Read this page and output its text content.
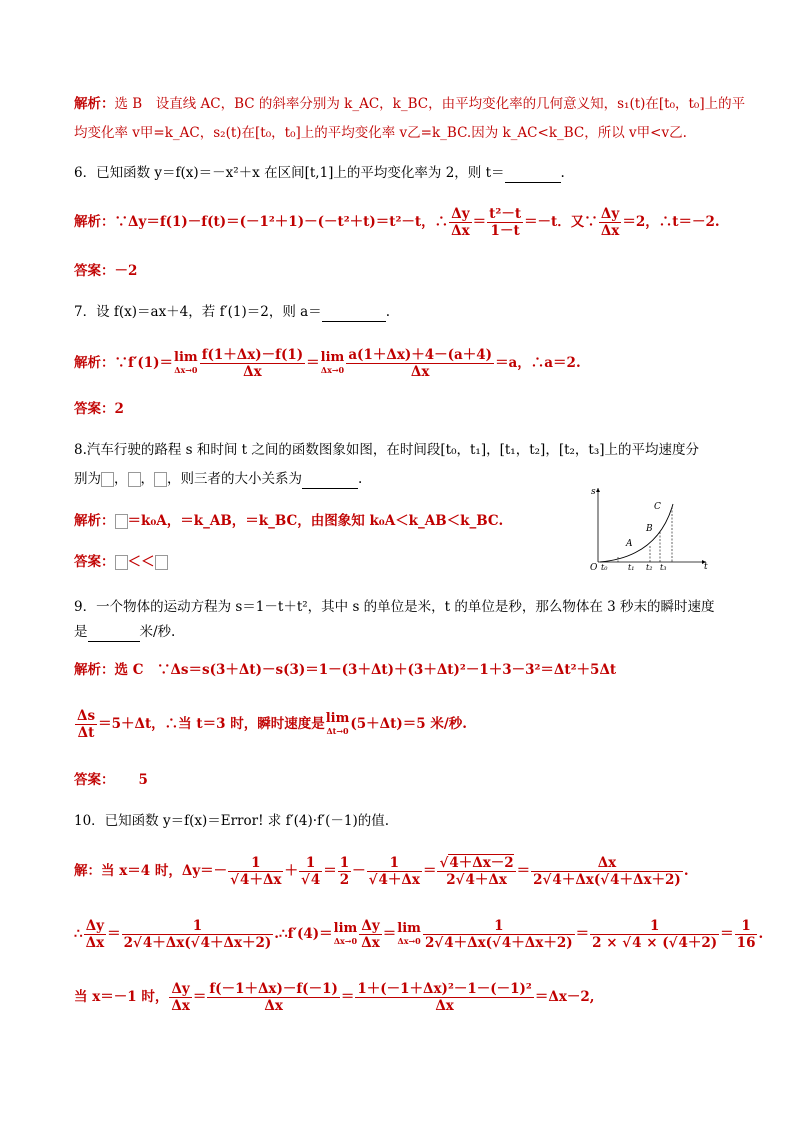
解析：选 B　设直线 AC，BC 的斜率分别为 k_AC，k_BC，由平均变化率的几何意义知，s₁(t)在[t₀，t₀]上的平
均变化率 v甲=k_AC，s₂(t)在[t₀，t₀]上的平均变化率 v乙=k_BC.因为 k_AC<k_BC，所以 v甲<v乙.
6．已知函数 y＝f(x)＝－x²＋x 在区间[t,1]上的平均变化率为 2，则 t＝	.
解析：∵Δy＝f(1)－f(t)＝(－1²＋1)－(－t²＋t)＝t²－t，∴ $\frac{\Delta y}{\Delta x} = \frac{\text{t²－t}}{1-t} =-t$．又∵ $\frac{\Delta y}{\Delta x} =2$，∴t＝－2.
答案：－2
7．设 f(x)＝ax＋4，若 f′(1)＝2，则 a＝	.
解析：∵f′(1)＝ lim
$\Delta x\to 0 \frac{f(1+\Delta x)-f(1)}{\Delta x} = \lim$
$\Delta x\to 0 \frac{a(1+\Delta x)+4-(a+4)}{\Delta x} =a$，∴a＝2.
答案：2
8.汽车行驶的路程 s 和时间 t 之间的函数图象如图，在时间段[t₀，t₁]，[t₁，t₂]，[t₂，t₃]上的平均速度分
别为 ， ， ，则三者的大小关系为	.
解析： ＝k₀A，＝k_AB，＝k_BC，由图象知 k₀A＜k_AB＜k_BC.
答案： ＜＜
s
t
O t₀	t₁ t₂ t₃
A
B
C
9．一个物体的运动方程为 s＝1－t＋t²，其中 s 的单位是米，t 的单位是秒，那么物体在 3 秒末的瞬时速度
是	米/秒.
解析：选 C　∵Δs＝s(3＋Δt)－s(3)＝1－(3＋Δt)＋(3＋Δt)²－1＋3－3²＝Δt²＋5Δt
$\frac{\Delta s}{\Delta t} =5+\Delta t$，∴当 t＝3 时，瞬时速度是 lim
Δt→0 (5＋Δt)＝5 米/秒.
答案： 5
10．已知函数 y＝f(x)＝Error! 求 f′(4)·f′(－1)的值.
解：当 x＝4 时，$\Delta y=- \frac{1}{√4+\Delta x} + \frac{1}{√4} = \frac{1}{2} - \frac{1}{√4+\Delta x} = \frac{√4+\Delta x-2}{2√4+\Delta x} = \frac{\Delta x}{2√4+\Delta x(√4+\Delta x+2)}$ .
∴ $\frac{\Delta y}{\Delta x} = \frac{1}{2√4+\Delta x(√4+\Delta x+2)}$ .∴f′(4)＝ lim
$\Delta x\to 0 \frac{\Delta y}{\Delta x} = \lim$
$\Delta x\to 0 \frac{1}{2√4+\Delta x(√4+\Delta x+2)} = \frac{1}{2 \times √4 \times (√4+2)} = \frac{1}{16}$ .
当 x＝－1 时， $\frac{\Delta y}{\Delta x} = \frac{f(-1+\Delta x)-f(-1)}{\Delta x} = \frac{\text{1＋(－1＋Δx)²－1－(－1)²}}{\Delta x} =\Delta x-2$,
